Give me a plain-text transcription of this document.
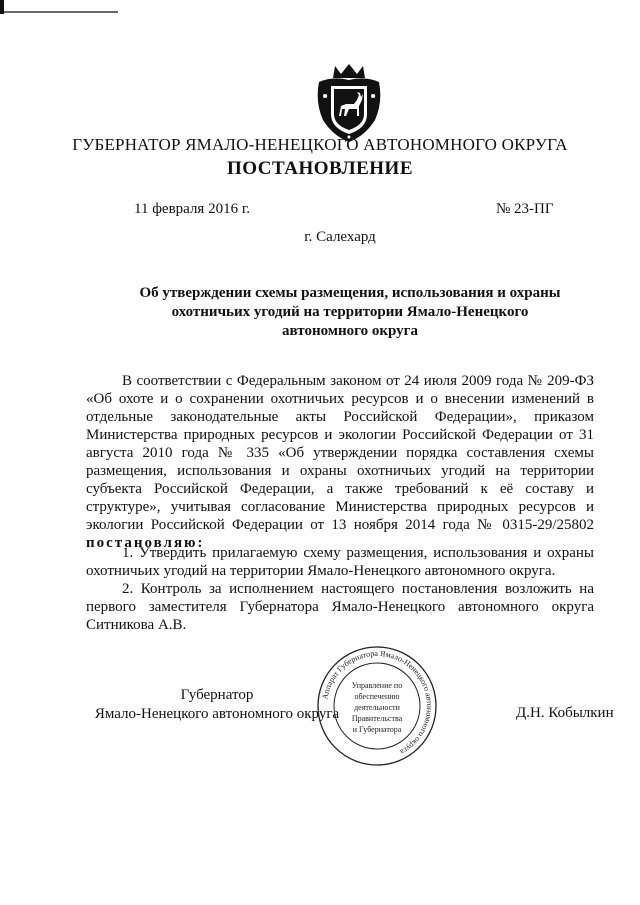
ГУБЕРНАТОР ЯМАЛО-НЕНЕЦКОГО АВТОНОМНОГО ОКРУГА
ПОСТАНОВЛЕНИЕ
11 февраля 2016 г.	№ 23-ПГ
г. Салехард
Об утверждении схемы размещения, использования и охраны
охотничьих угодий на территории Ямало-Ненецкого
автономного округа

В соответствии с Федеральным законом от 24 июля 2009 года № 209-ФЗ «Об охоте и о сохранении охотничьих ресурсов и о внесении изменений в отдельные законодательные акты Российской Федерации», приказом Министерства природных ресурсов и экологии Российской Федерации от 31 августа 2010 года № 335 «Об утверждении порядка составления схемы размещения, использования и охраны охотничьих угодий на территории субъекта Российской Федерации, а также требований к её составу и структуре», учитывая согласование Министерства природных ресурсов и экологии Российской Федерации от 13 ноября 2014 года № 0315-29/25802 постановляю:

1. Утвердить прилагаемую схему размещения, использования и охраны охотничьих угодий на территории Ямало-Ненецкого автономного округа.

2. Контроль за исполнением настоящего постановления возложить на первого заместителя Губернатора Ямало-Ненецкого автономного округа Ситникова А.В.

Губернатор
Ямало-Ненецкого автономного округа
Аппарат Губернатора Ямало-Ненецкого автономного округа
Управление по
обеспечению
деятельности
Правительства
и Губернатора
Д.Н. Кобылкин
